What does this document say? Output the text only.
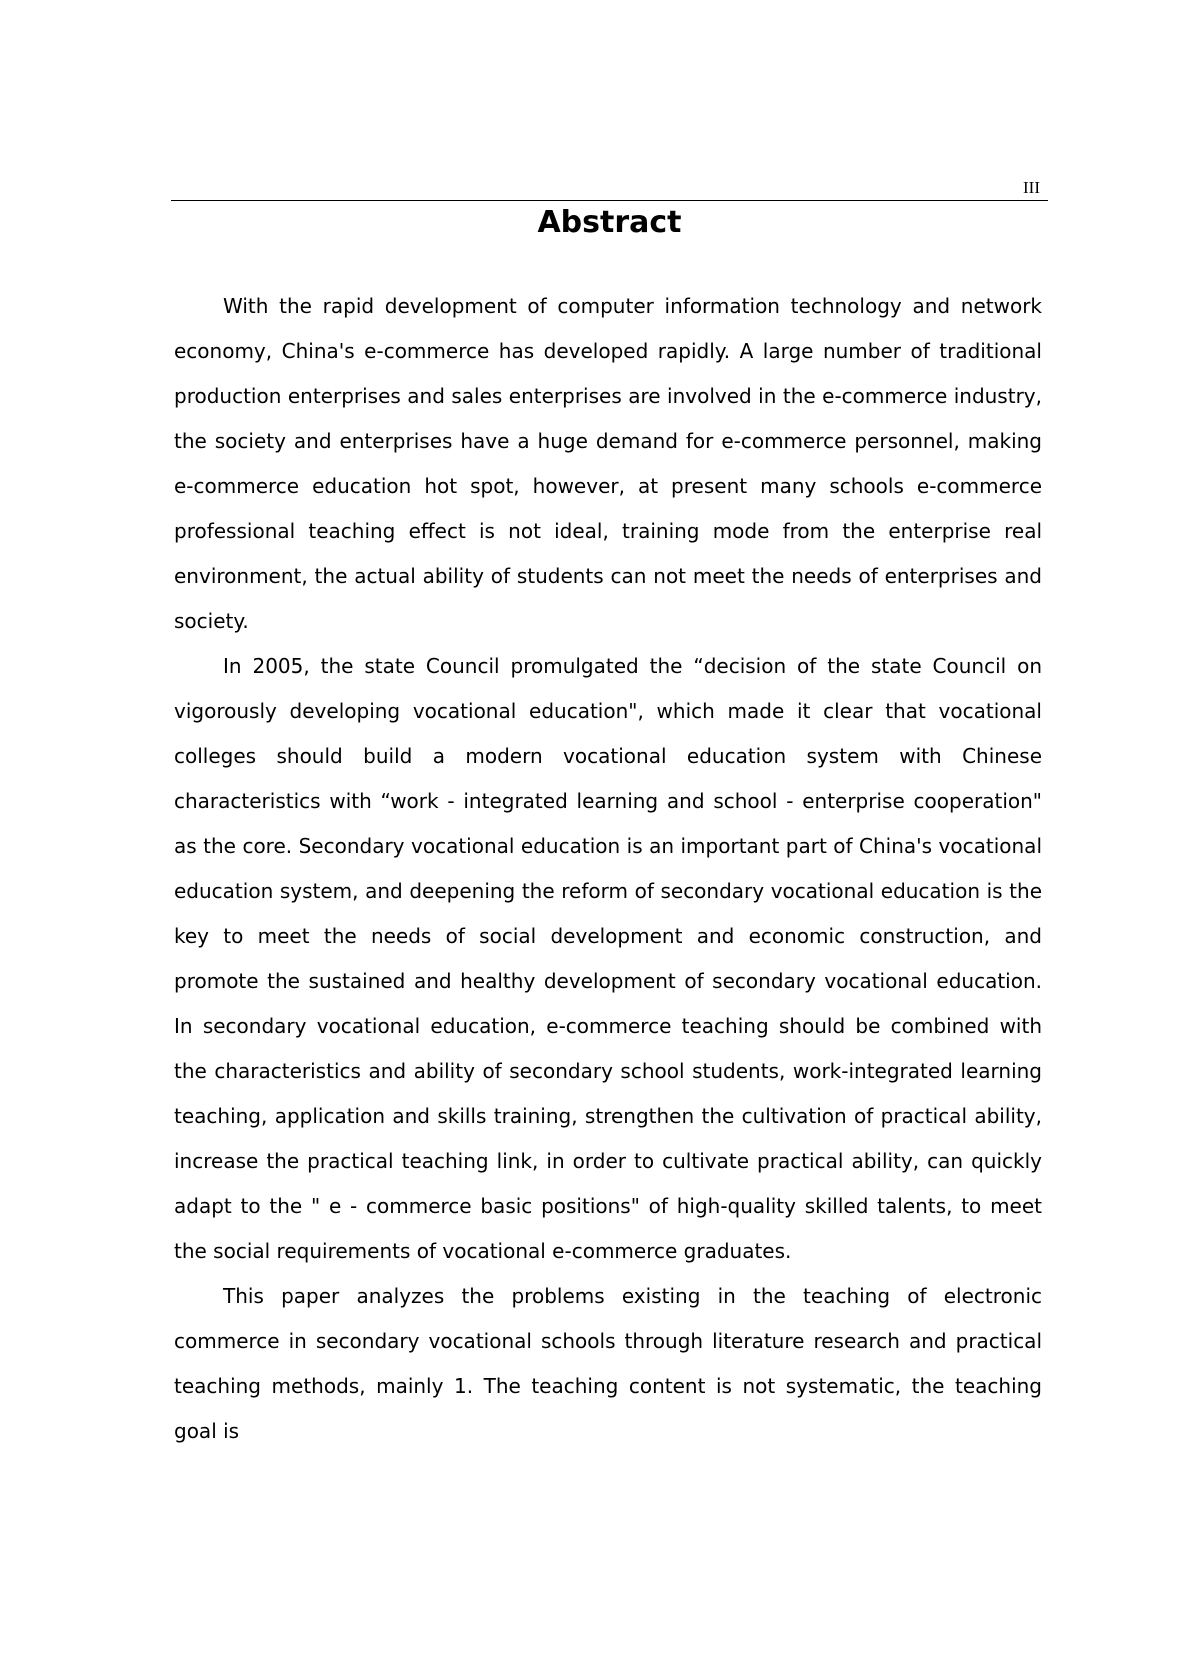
III
Abstract

With the rapid development of computer information technology and network economy, China's e-commerce has developed rapidly. A large number of traditional production enterprises and sales enterprises are involved in the e-commerce industry, the society and enterprises have a huge demand for e-commerce personnel, making e-commerce education hot spot, however, at present many schools e-commerce professional teaching effect is not ideal, training mode from the enterprise real environment, the actual ability of students can not meet the needs of enterprises and society.

In 2005, the state Council promulgated the “decision of the state Council on vigorously developing vocational education", which made it clear that vocational colleges should build a modern vocational education system with Chinese characteristics with “work - integrated learning and school - enterprise cooperation" as the core. Secondary vocational education is an important part of China's vocational education system, and deepening the reform of secondary vocational education is the key to meet the needs of social development and economic construction, and promote the sustained and healthy development of secondary vocational education. In secondary vocational education, e-commerce teaching should be combined with the characteristics and ability of secondary school students, work-integrated learning teaching, application and skills training, strengthen the cultivation of practical ability, increase the practical teaching link, in order to cultivate practical ability, can quickly adapt to the " e - commerce basic positions" of high-quality skilled talents, to meet the social requirements of vocational e-commerce graduates.

This paper analyzes the problems existing in the teaching of electronic commerce in secondary vocational schools through literature research and practical teaching methods, mainly 1. The teaching content is not systematic, the teaching goal is
